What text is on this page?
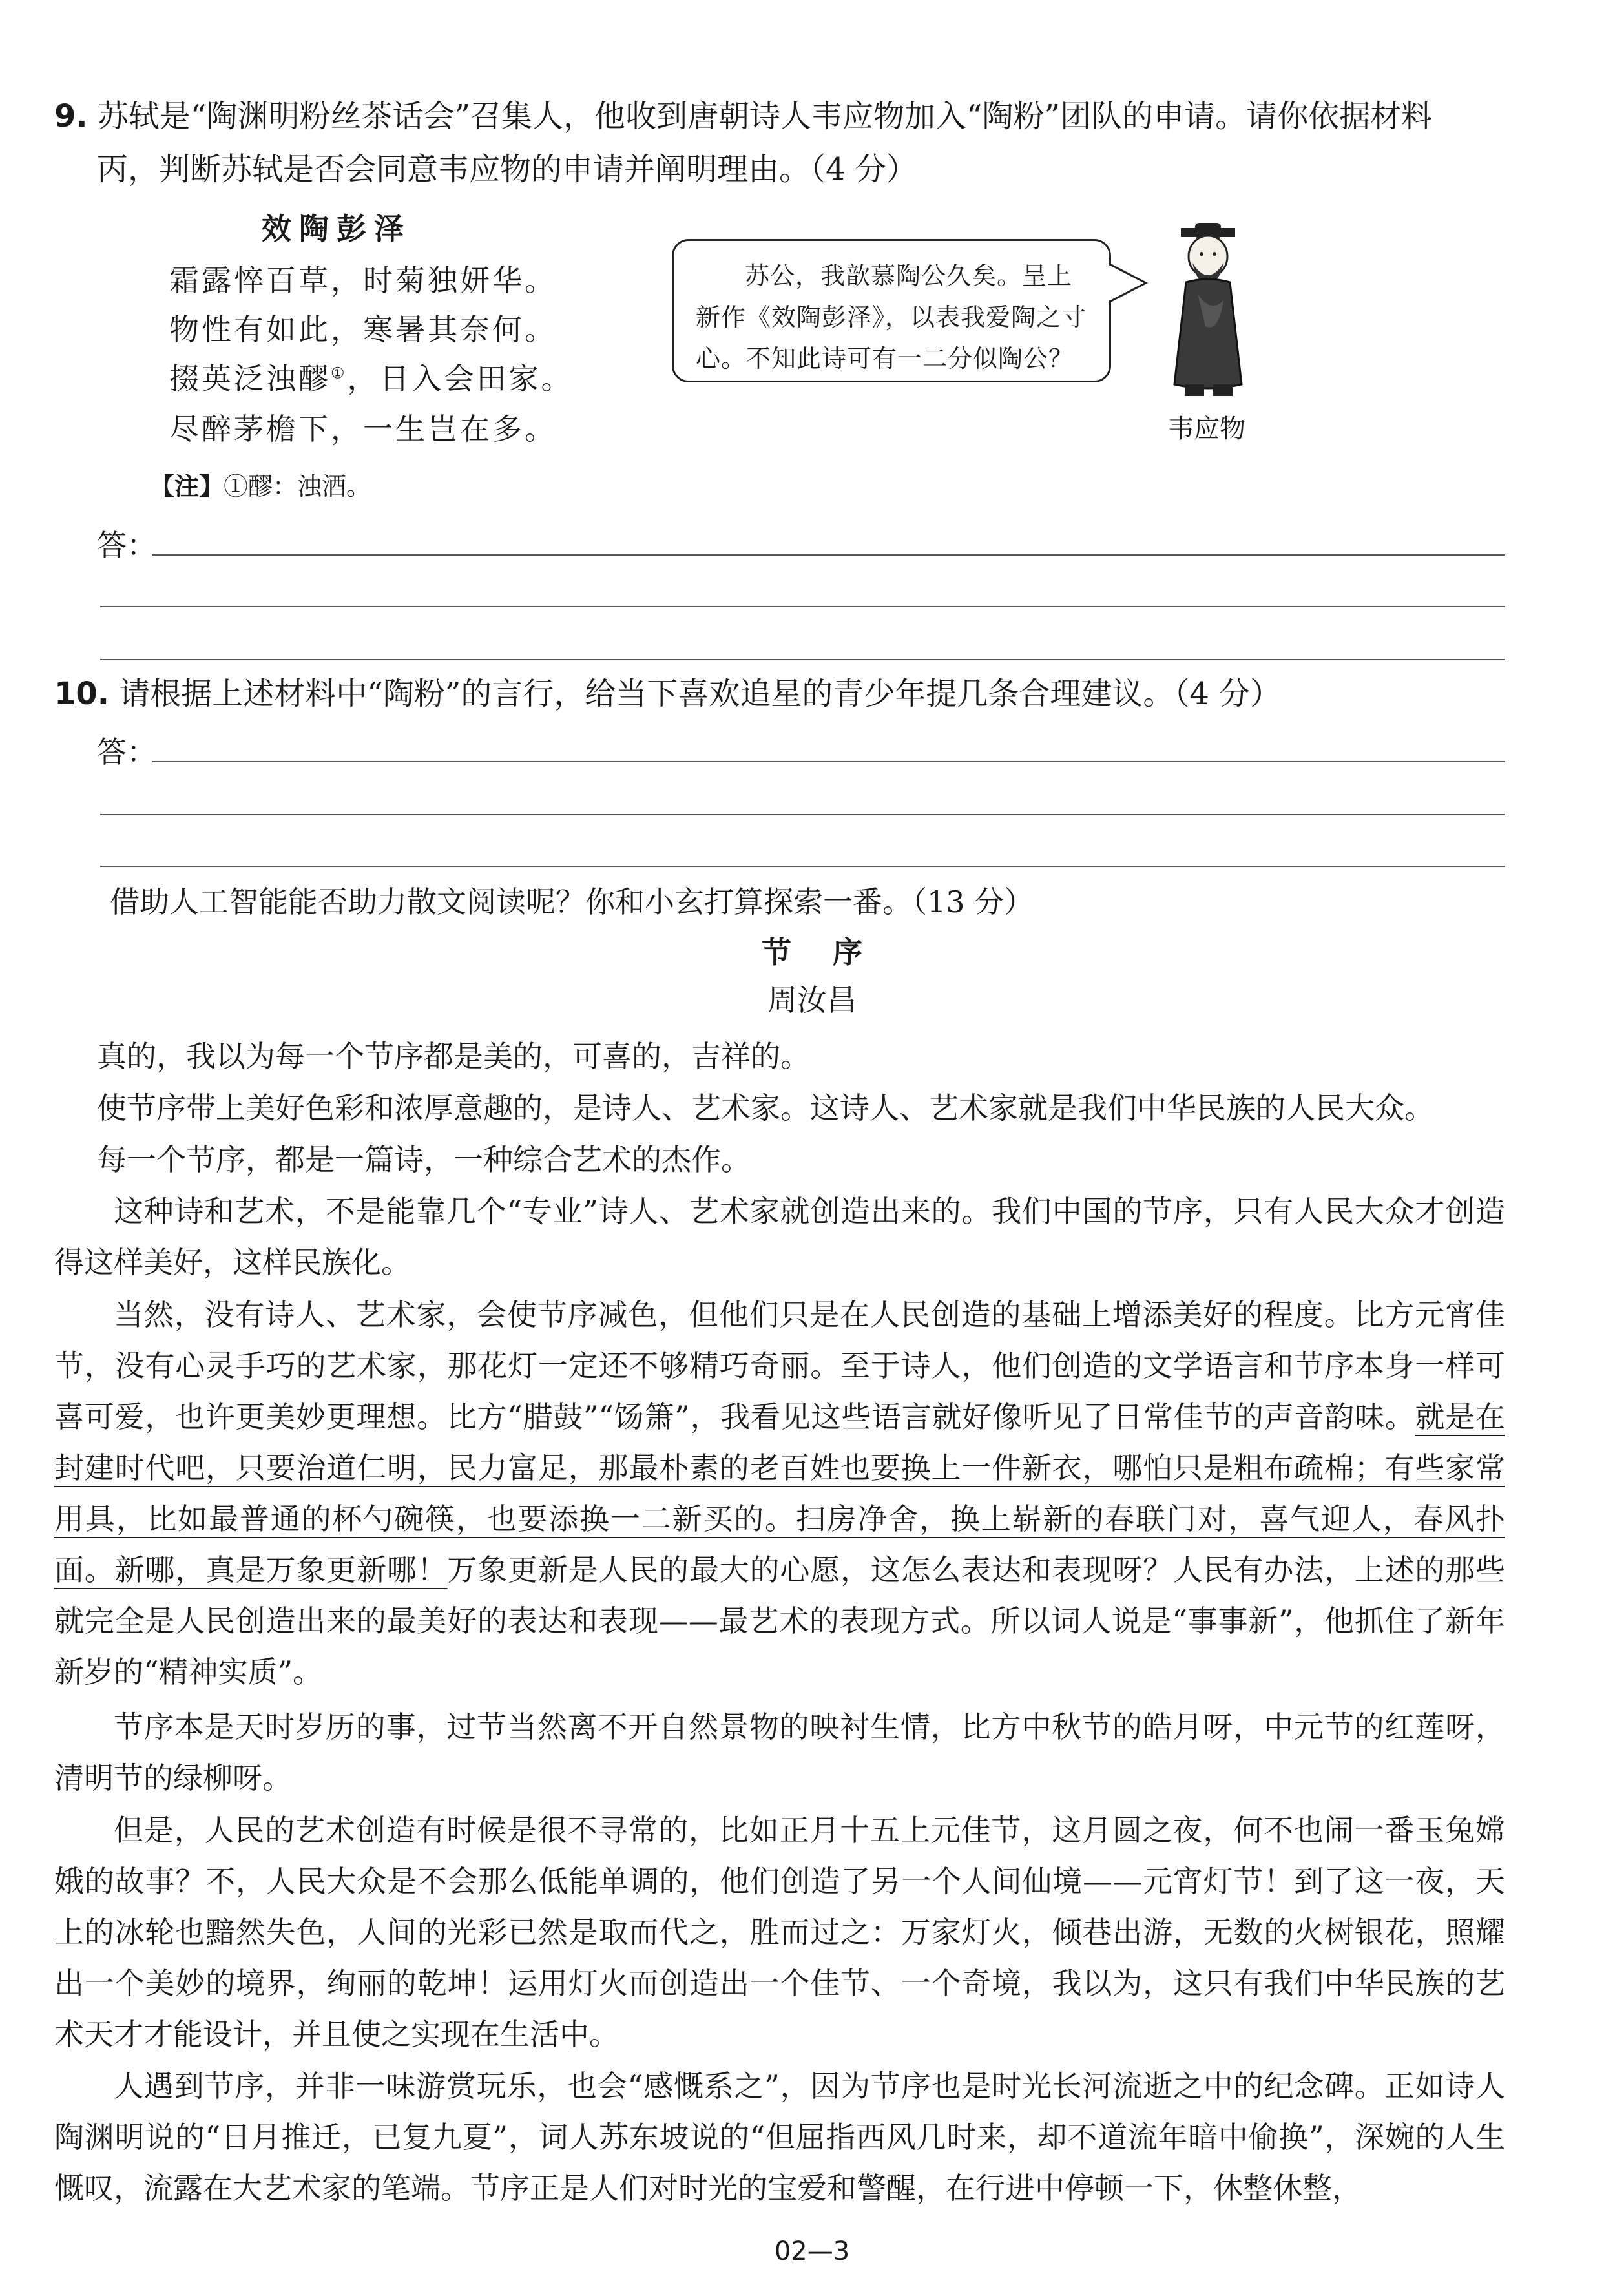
9. 苏轼是“陶渊明粉丝茶话会”召集人，他收到唐朝诗人韦应物加入“陶粉”团队的申请。请你依据材料
丙，判断苏轼是否会同意韦应物的申请并阐明理由。（4 分）
效陶彭泽
霜露悴百草，时菊独妍华。
物性有如此，寒暑其奈何。
掇英泛浊醪①，日入会田家。
尽醉茅檐下，一生岂在多。
【注】①醪：浊酒。
苏公，我歆慕陶公久矣。呈上新作《效陶彭泽》，以表我爱陶之寸心。不知此诗可有一二分似陶公？
韦应物
答：
10. 请根据上述材料中“陶粉”的言行，给当下喜欢追星的青少年提几条合理建议。（4 分）
答：
借助人工智能能否助力散文阅读呢？你和小玄打算探索一番。（13 分）
节    序
周汝昌
真的，我以为每一个节序都是美的，可喜的，吉祥的。
使节序带上美好色彩和浓厚意趣的，是诗人、艺术家。这诗人、艺术家就是我们中华民族的人民大众。
每一个节序，都是一篇诗，一种综合艺术的杰作。
这种诗和艺术，不是能靠几个“专业”诗人、艺术家就创造出来的。我们中国的节序，只有人民大众才创造得这样美好，这样民族化。
当然，没有诗人、艺术家，会使节序减色，但他们只是在人民创造的基础上增添美好的程度。比方元宵佳节，没有心灵手巧的艺术家，那花灯一定还不够精巧奇丽。至于诗人，他们创造的文学语言和节序本身一样可喜可爱，也许更美妙更理想。比方“腊鼓”“饧箫”，我看见这些语言就好像听见了日常佳节的声音韵味。就是在封建时代吧，只要治道仁明，民力富足，那最朴素的老百姓也要换上一件新衣，哪怕只是粗布疏棉；有些家常用具，比如最普通的杯勺碗筷，也要添换一二新买的。扫房净舍，换上崭新的春联门对，喜气迎人，春风扑面。新哪，真是万象更新哪！万象更新是人民的最大的心愿，这怎么表达和表现呀？人民有办法，上述的那些就完全是人民创造出来的最美好的表达和表现——最艺术的表现方式。所以词人说是“事事新”，他抓住了新年新岁的“精神实质”。
节序本是天时岁历的事，过节当然离不开自然景物的映衬生情，比方中秋节的皓月呀，中元节的红莲呀，清明节的绿柳呀。
但是，人民的艺术创造有时候是很不寻常的，比如正月十五上元佳节，这月圆之夜，何不也闹一番玉兔嫦娥的故事？不，人民大众是不会那么低能单调的，他们创造了另一个人间仙境——元宵灯节！到了这一夜，天上的冰轮也黯然失色，人间的光彩已然是取而代之，胜而过之：万家灯火，倾巷出游，无数的火树银花，照耀出一个美妙的境界，绚丽的乾坤！运用灯火而创造出一个佳节、一个奇境，我以为，这只有我们中华民族的艺术天才才能设计，并且使之实现在生活中。
人遇到节序，并非一味游赏玩乐，也会“感慨系之”，因为节序也是时光长河流逝之中的纪念碑。正如诗人陶渊明说的“日月推迁，已复九夏”，词人苏东坡说的“但屈指西风几时来，却不道流年暗中偷换”，深婉的人生慨叹，流露在大艺术家的笔端。节序正是人们对时光的宝爱和警醒，在行进中停顿一下，休整休整，
02—3
